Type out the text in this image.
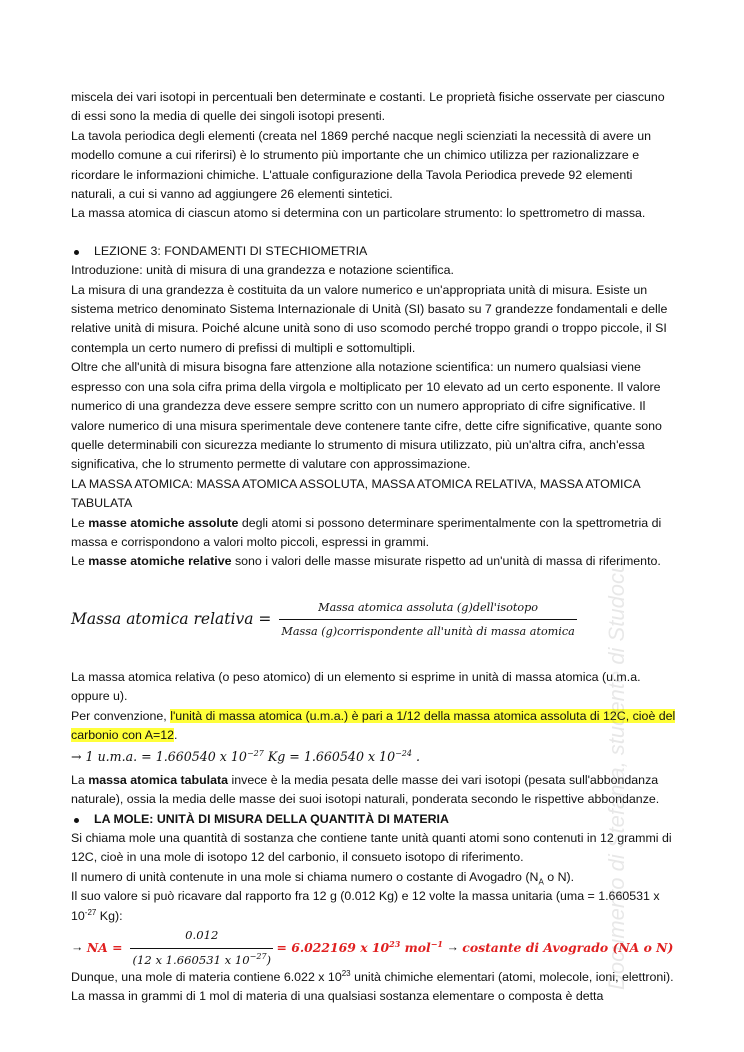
miscela dei vari isotopi in percentuali ben determinate e costanti. Le proprietà fisiche osservate per ciascuno di essi sono la media di quelle dei singoli isotopi presenti.

La tavola periodica degli elementi (creata nel 1869 perché nacque negli scienziati la necessità di avere un modello comune a cui riferirsi) è lo strumento più importante che un chimico utilizza per razionalizzare e ricordare le informazioni chimiche. L'attuale configurazione della Tavola Periodica prevede 92 elementi naturali, a cui si vanno ad aggiungere 26 elementi sintetici.

La massa atomica di ciascun atomo si determina con un particolare strumento: lo spettrometro di massa.

LEZIONE 3: FONDAMENTI DI STECHIOMETRIA

Introduzione: unità di misura di una grandezza e notazione scientifica.

La misura di una grandezza è costituita da un valore numerico e un'appropriata unità di misura. Esiste un sistema metrico denominato Sistema Internazionale di Unità (SI) basato su 7 grandezze fondamentali e delle relative unità di misura. Poiché alcune unità sono di uso scomodo perché troppo grandi o troppo piccole, il SI contempla un certo numero di prefissi di multipli e sottomultipli.

Oltre che all'unità di misura bisogna fare attenzione alla notazione scientifica: un numero qualsiasi viene espresso con una sola cifra prima della virgola e moltiplicato per 10 elevato ad un certo esponente. Il valore numerico di una grandezza deve essere sempre scritto con un numero appropriato di cifre significative. Il valore numerico di una misura sperimentale deve contenere tante cifre, dette cifre significative, quante sono quelle determinabili con sicurezza mediante lo strumento di misura utilizzato, più un'altra cifra, anch'essa significativa, che lo strumento permette di valutare con approssimazione.

LA MASSA ATOMICA: MASSA ATOMICA ASSOLUTA, MASSA ATOMICA RELATIVA, MASSA ATOMICA TABULATA

Le masse atomiche assolute degli atomi si possono determinare sperimentalmente con la spettrometria di massa e corrispondono a valori molto piccoli, espressi in grammi.

Le masse atomiche relative sono i valori delle masse misurate rispetto ad un'unità di massa di riferimento.

Massa atomica relativa = $\frac{\text{Massa atomica assoluta (g)dell'isotopo}}{\text{Massa (g)corrispondente all'unità di massa atomica}}$

La massa atomica relativa (o peso atomico) di un elemento si esprime in unità di massa atomica (u.m.a. oppure u).

Per convenzione, l'unità di massa atomica (u.m.a.) è pari a 1/12 della massa atomica assoluta di 12C, cioè del carbonio con A=12.

→ 1 u.m.a. = 1.660540 x $10^{-27}$ Kg = 1.660540 x $10^{-24}$ .

La massa atomica tabulata invece è la media pesata delle masse dei vari isotopi (pesata sull'abbondanza naturale), ossia la media delle masse dei suoi isotopi naturali, ponderata secondo le rispettive abbondanze.

LA MOLE: UNITÀ DI MISURA DELLA QUANTITÀ DI MATERIA

Si chiama mole una quantità di sostanza che contiene tante unità quanti atomi sono contenuti in 12 grammi di 12C, cioè in una mole di isotopo 12 del carbonio, il consueto isotopo di riferimento.

Il numero di unità contenute in una mole si chiama numero o costante di Avogadro ($N_A$ o N).

Il suo valore si può ricavare dal rapporto fra 12 g (0.012 Kg) e 12 volte la massa unitaria (uma = 1.660531 x $10^{-27}$ Kg):

→
NA = $\frac{0.012}{(12 x 1.660531 x 10^{-27})}$
= 6.022169 x $10^{23}$ mol$^{-1}$
→
costante di Avogrado (NA o N)

Dunque, una mole di materia contiene 6.022 x $10^{23}$ unità chimiche elementari (atomi, molecole, ioni, elettroni). La massa in grammi di 1 mol di materia di una qualsiasi sostanza elementare o composta è detta

Documento di Stefania, studente di Studocu
